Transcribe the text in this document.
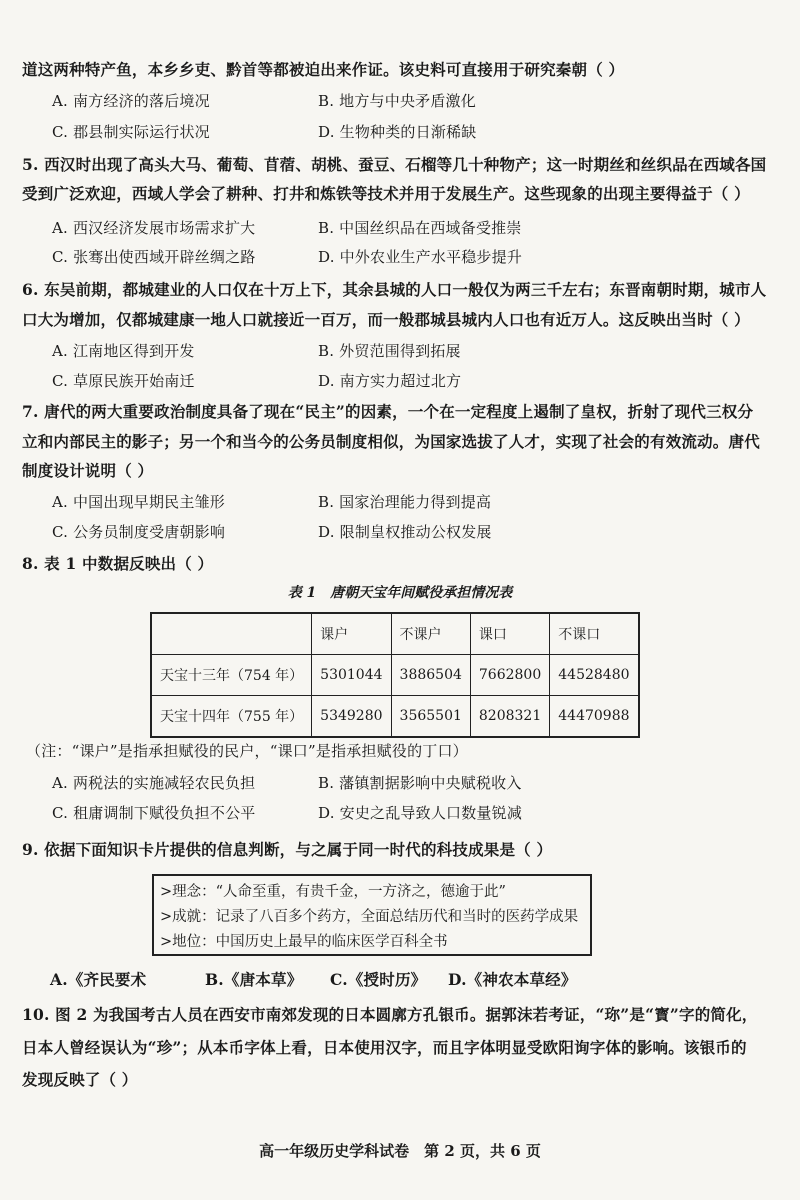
道这两种特产鱼，本乡乡吏、黔首等都被迫出来作证。该史料可直接用于研究秦朝（ ）
A. 南方经济的落后境况	B. 地方与中央矛盾激化
C. 郡县制实际运行状况	D. 生物种类的日渐稀缺
5. 西汉时出现了高头大马、葡萄、苜蓿、胡桃、蚕豆、石榴等几十种物产；这一时期丝和丝织品在西域各国
受到广泛欢迎，西域人学会了耕种、打井和炼铁等技术并用于发展生产。这些现象的出现主要得益于（ ）
A. 西汉经济发展市场需求扩大	B. 中国丝织品在西域备受推崇
C. 张骞出使西域开辟丝绸之路	D. 中外农业生产水平稳步提升
6. 东吴前期，都城建业的人口仅在十万上下，其余县城的人口一般仅为两三千左右；东晋南朝时期，城市人
口大为增加，仅都城建康一地人口就接近一百万，而一般郡城县城内人口也有近万人。这反映出当时（ ）
A. 江南地区得到开发	B. 外贸范围得到拓展
C. 草原民族开始南迁	D. 南方实力超过北方
7. 唐代的两大重要政治制度具备了现在“民主”的因素，一个在一定程度上遏制了皇权，折射了现代三权分
立和内部民主的影子；另一个和当今的公务员制度相似，为国家选拔了人才，实现了社会的有效流动。唐代
制度设计说明（ ）
A. 中国出现早期民主雏形	B. 国家治理能力得到提高
C. 公务员制度受唐朝影响	D. 限制皇权推动公权发展
8. 表 1 中数据反映出（ ）
表 1　唐朝天宝年间赋役承担情况表
	课户	不课户	课口	不课口
天宝十三年（754 年）	5301044	3886504	7662800	44528480
天宝十四年（755 年）	5349280	3565501	8208321	44470988
（注：“课户”是指承担赋役的民户，“课口”是指承担赋役的丁口）
A. 两税法的实施减轻农民负担	B. 藩镇割据影响中央赋税收入
C. 租庸调制下赋役负担不公平	D. 安史之乱导致人口数量锐减
9. 依据下面知识卡片提供的信息判断，与之属于同一时代的科技成果是（ ）
>理念：“人命至重，有贵千金，一方济之，德逾于此”
>成就：记录了八百多个药方，全面总结历代和当时的医药学成果
>地位：中国历史上最早的临床医学百科全书
A.《齐民要术	B.《唐本草》 C.《授时历》 D.《神农本草经》
10. 图 2 为我国考古人员在西安市南郊发现的日本圆廓方孔银币。据郭沫若考证，“珎”是“寳”字的简化，
日本人曾经误认为“珍”；从本币字体上看，日本使用汉字，而且字体明显受欧阳询字体的影响。该银币的
发现反映了（ ）
高一年级历史学科试卷　第 2 页，共 6 页
